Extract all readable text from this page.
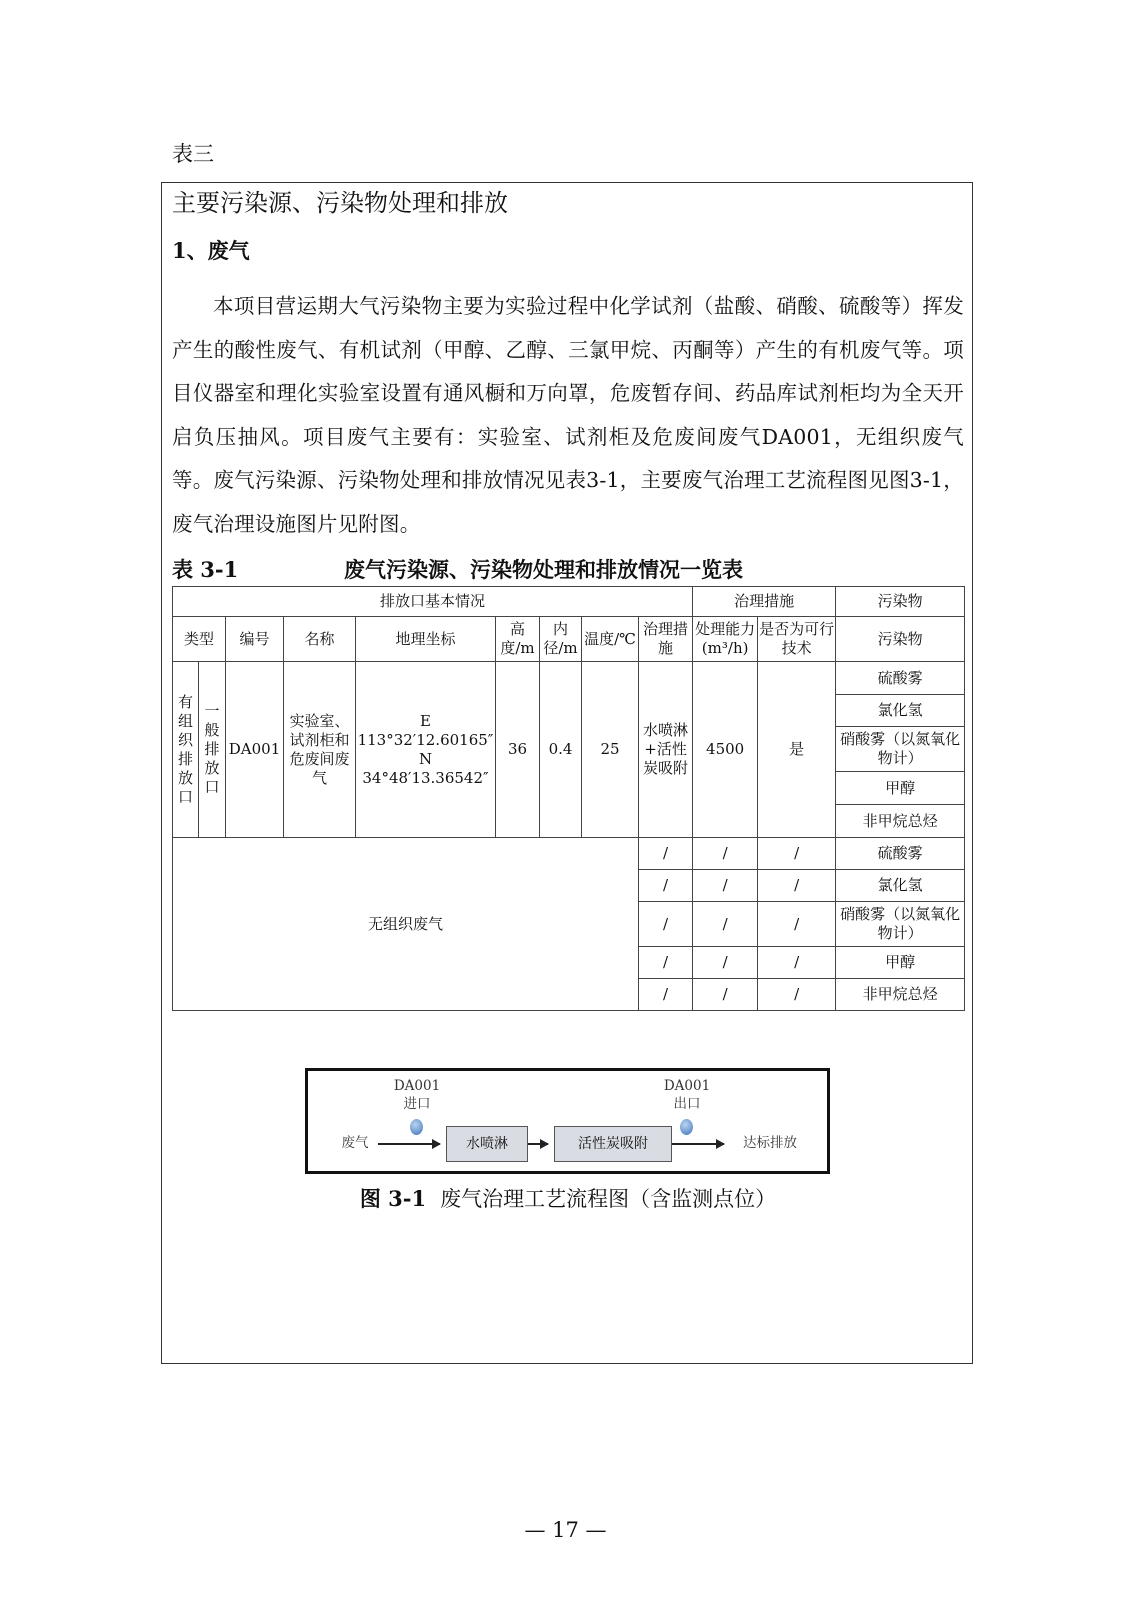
表三
主要污染源、污染物处理和排放
1、废气
本项目营运期大气污染物主要为实验过程中化学试剂（盐酸、硝酸、硫酸等）挥发产生的酸性废气、有机试剂（甲醇、乙醇、三氯甲烷、丙酮等）产生的有机废气等。项目仪器室和理化实验室设置有通风橱和万向罩，危废暂存间、药品库试剂柜均为全天开启负压抽风。项目废气主要有：实验室、试剂柜及危废间废气DA001，无组织废气等。废气污染源、污染物处理和排放情况见表3-1，主要废气治理工艺流程图见图3-1，废气治理设施图片见附图。
表 3-1	废气污染源、污染物处理和排放情况一览表
排放口基本情况									治理措施		污染物
类型		编号	名称	地理坐标	高度/m	内径/m	温度/℃	治理措施	处理能力(m³/h)	是否为可行技术	污染物
有组织排放口	一般排放口	DA001	实验室、试剂柜和危废间废气	E 113°32′12.60165″
N 34°48′13.36542″	36	0.4	25	水喷淋+活性炭吸附	4500	是	硫酸雾
											氯化氢
											硝酸雾（以氮氧化物计）
											甲醇
											非甲烷总烃
无组织废气								/	/	/	硫酸雾
								/	/	/	氯化氢
								/	/	/	硝酸雾（以氮氧化物计）
								/	/	/	甲醇
								/	/	/	非甲烷总烃
DA001
进口
DA001
出口
废气	水喷淋	活性炭吸附	达标排放
图 3-1 废气治理工艺流程图（含监测点位）
— 17 —
